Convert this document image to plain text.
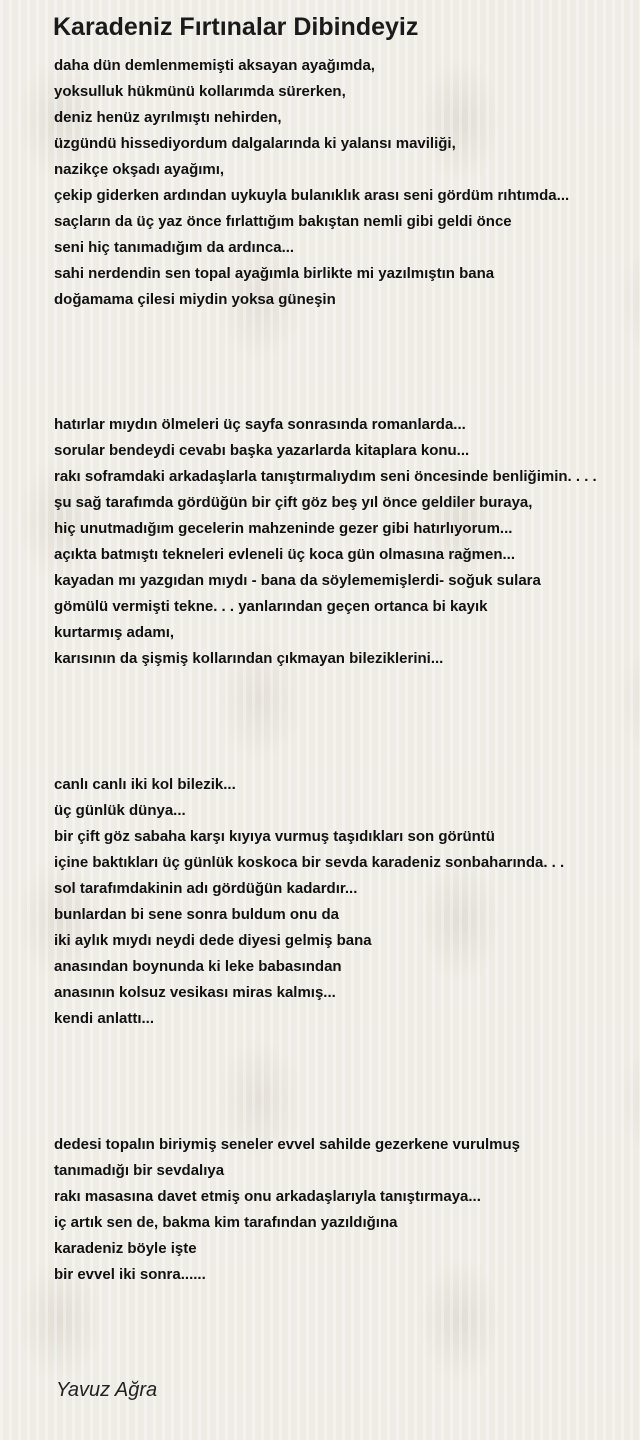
Karadeniz Fırtınalar Dibindeyiz
daha dün demlenmemişti aksayan ayağımda,
yoksulluk hükmünü kollarımda sürerken,
deniz henüz ayrılmıştı nehirden,
üzgündü hissediyordum dalgalarında ki yalansı maviliği,
nazikçe okşadı ayağımı,
çekip giderken ardından uykuyla bulanıklık arası seni gördüm rıhtımda...
saçların da üç yaz önce fırlattığım bakıştan nemli gibi geldi önce
seni hiç tanımadığım da ardınca...
sahi nerdendin sen topal ayağımla birlikte mi yazılmıştın bana
doğamama çilesi miydin yoksa güneşin
hatırlar mıydın ölmeleri üç sayfa sonrasında romanlarda...
sorular bendeydi cevabı başka yazarlarda kitaplara konu...
rakı soframdaki arkadaşlarla tanıştırmalıydım seni öncesinde benliğimin. . . .
şu sağ tarafımda gördüğün bir çift göz beş yıl önce geldiler buraya,
hiç unutmadığım gecelerin mahzeninde gezer gibi hatırlıyorum...
açıkta batmıştı tekneleri evleneli üç koca gün olmasına rağmen...
kayadan mı yazgıdan mıydı - bana da söylememişlerdi- soğuk sulara
gömülü vermişti tekne. . . yanlarından geçen ortanca bi kayık
kurtarmış adamı,
karısının da şişmiş kollarından çıkmayan bileziklerini...
canlı canlı iki kol bilezik...
üç günlük dünya...
bir çift göz sabaha karşı kıyıya vurmuş taşıdıkları son görüntü
içine baktıkları üç günlük koskoca bir sevda karadeniz sonbaharında. . .
sol tarafımdakinin adı gördüğün kadardır...
bunlardan bi sene sonra buldum onu da
iki aylık mıydı neydi dede diyesi gelmiş bana
anasından boynunda ki leke babasından
anasının kolsuz vesikası miras kalmış...
kendi anlattı...
dedesi topalın biriymiş seneler evvel sahilde gezerkene vurulmuş
tanımadığı bir sevdalıya
rakı masasına davet etmiş onu arkadaşlarıyla tanıştırmaya...
iç artık sen de, bakma kim tarafından yazıldığına
karadeniz böyle işte
bir evvel iki sonra......
Yavuz Ağra
